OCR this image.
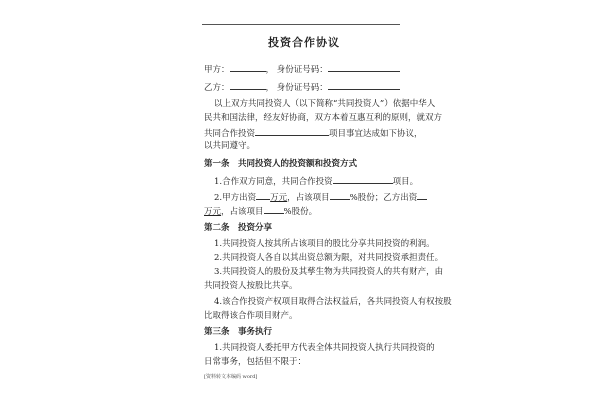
投资合作协议
甲方：	， 身份证号码：
乙方：	， 身份证号码：
以上双方共同投资人（以下简称“共同投资人”）依据中华人
民共和国法律，经友好协商，双方本着互惠互利的原则，就双方
共同合作投资	项目事宜达成如下协议，
以共同遵守。
第一条　共同投资人的投资额和投资方式
1.合作双方同意，共同合作投资	项目。
2.甲方出资 万元，占该项目 %股份；乙方出资
万元，占该项目 %股份。
第二条　投资分享
1.共同投资人按其所占该项目的股比分享共同投资的利润。
2.共同投资人各自以其出资总额为限，对共同投资承担责任。
3.共同投资人的股份及其孳生物为共同投资人的共有财产，由
共同投资人按股比共享。
4.该合作投资产权项目取得合法权益后，各共同投资人有权按股
比取得该合作项目财产。
第三条　事务执行
1.共同投资人委托甲方代表全体共同投资人执行共同投资的
日常事务，包括但不限于：
[资料转文本编码 word]
